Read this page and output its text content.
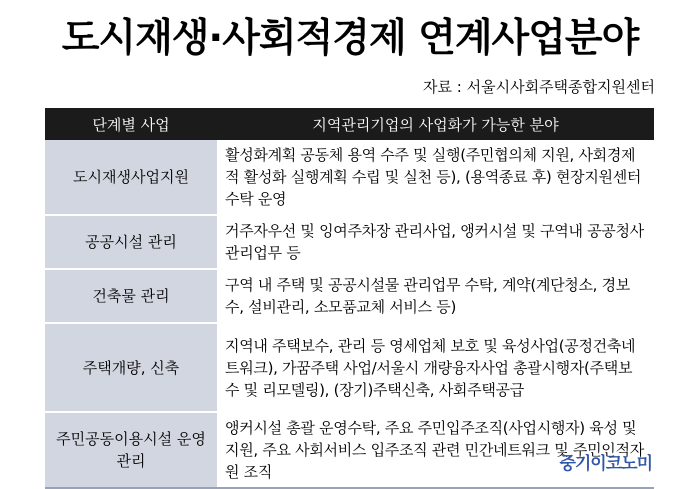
도시재생·사회적경제 연계사업분야
자료 : 서울시사회주택종합지원센터
단계별 사업	지역관리기업의 사업화가 가능한 분야
도시재생사업지원	활성화계획 공동체 용역 수주 및 실행(주민협의체 지원, 사회경제적 활성화 실행계획 수립 및 실천 등), (용역종료 후) 현장지원센터 수탁 운영
공공시설 관리	거주자우선 및 잉여주차장 관리사업, 앵커시설 및 구역내 공공청사 관리업무 등
건축물 관리	구역 내 주택 및 공공시설물 관리업무 수탁, 계약(계단청소, 경보수, 설비관리, 소모품교체 서비스 등)
주택개량, 신축	지역내 주택보수, 관리 등 영세업체 보호 및 육성사업(공정건축네트워크), 가꿈주택 사업/서울시 개량융자사업 총괄시행자(주택보수 및 리모델링), (장기)주택신축, 사회주택공급
주민공동이용시설 운영관리	앵커시설 총괄 운영수탁, 주요 주민입주조직(사업시행자) 육성 및 지원, 주요 사회서비스 입주조직 관련 민간네트워크 및 주민인적자원 조직	중기이코노미
